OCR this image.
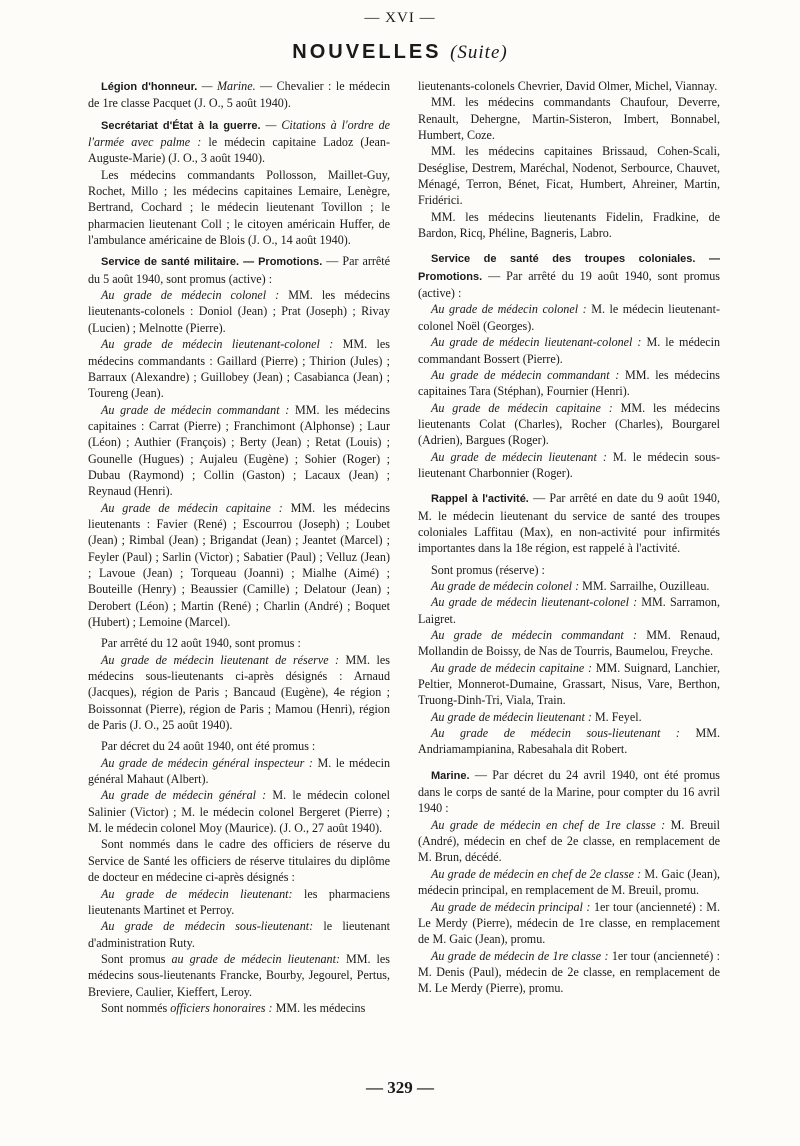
— XVI —
NOUVELLES (Suite)

Légion d'honneur. — Marine. — Chevalier : le médecin de 1re classe Pacquet (J. O., 5 août 1940).

Secrétariat d'État à la guerre. — Citations à l'ordre de l'armée avec palme : le médecin capitaine Ladoz (Jean-Auguste-Marie) (J. O., 3 août 1940).

Les médecins commandants Pollosson, Maillet-Guy, Rochet, Millo ; les médecins capitaines Lemaire, Lenègre, Bertrand, Cochard ; le médecin lieutenant Tovillon ; le pharmacien lieutenant Coll ; le citoyen américain Huffer, de l'ambulance américaine de Blois (J. O., 14 août 1940).

Service de santé militaire. — Promotions. — Par arrêté du 5 août 1940, sont promus (active) :

Au grade de médecin colonel : MM. les médecins lieutenants-colonels : Doniol (Jean) ; Prat (Joseph) ; Rivay (Lucien) ; Melnotte (Pierre).

Au grade de médecin lieutenant-colonel : MM. les médecins commandants : Gaillard (Pierre) ; Thirion (Jules) ; Barraux (Alexandre) ; Guillobey (Jean) ; Casabianca (Jean) ; Toureng (Jean).

Au grade de médecin commandant : MM. les médecins capitaines : Carrat (Pierre) ; Franchimont (Alphonse) ; Laur (Léon) ; Authier (François) ; Berty (Jean) ; Retat (Louis) ; Gounelle (Hugues) ; Aujaleu (Eugène) ; Sohier (Roger) ; Dubau (Raymond) ; Collin (Gaston) ; Lacaux (Jean) ; Reynaud (Henri).

Au grade de médecin capitaine : MM. les médecins lieutenants : Favier (René) ; Escourrou (Joseph) ; Loubet (Jean) ; Rimbal (Jean) ; Brigandat (Jean) ; Jeantet (Marcel) ; Feyler (Paul) ; Sarlin (Victor) ; Sabatier (Paul) ; Velluz (Jean) ; Lavoue (Jean) ; Torqueau (Joanni) ; Mialhe (Aimé) ; Bouteille (Henry) ; Beaussier (Camille) ; Delatour (Jean) ; Derobert (Léon) ; Martin (René) ; Charlin (André) ; Boquet (Hubert) ; Lemoine (Marcel).

Par arrêté du 12 août 1940, sont promus :

Au grade de médecin lieutenant de réserve : MM. les médecins sous-lieutenants ci-après désignés : Arnaud (Jacques), région de Paris ; Bancaud (Eugène), 4e région ; Boissonnat (Pierre), région de Paris ; Mamou (Henri), région de Paris (J. O., 25 août 1940).

Par décret du 24 août 1940, ont été promus :

Au grade de médecin général inspecteur : M. le médecin général Mahaut (Albert).

Au grade de médecin général : M. le médecin colonel Salinier (Victor) ; M. le médecin colonel Bergeret (Pierre) ; M. le médecin colonel Moy (Maurice). (J. O., 27 août 1940).

Sont nommés dans le cadre des officiers de réserve du Service de Santé les officiers de réserve titulaires du diplôme de docteur en médecine ci-après désignés :

Au grade de médecin lieutenant: les pharmaciens lieutenants Martinet et Perroy.

Au grade de médecin sous-lieutenant: le lieutenant d'administration Ruty.

Sont promus au grade de médecin lieutenant: MM. les médecins sous-lieutenants Francke, Bourby, Jegourel, Pertus, Breviere, Caulier, Kieffert, Leroy.

Sont nommés officiers honoraires : MM. les médecins

lieutenants-colonels Chevrier, David Olmer, Michel, Viannay.

MM. les médecins commandants Chaufour, Deverre, Renault, Dehergne, Martin-Sisteron, Imbert, Bonnabel, Humbert, Coze.

MM. les médecins capitaines Brissaud, Cohen-Scali, Deséglise, Destrem, Maréchal, Nodenot, Serbource, Chauvet, Ménagé, Terron, Bénet, Ficat, Humbert, Ahreiner, Martin, Fridérici.

MM. les médecins lieutenants Fidelin, Fradkine, de Bardon, Ricq, Phéline, Bagneris, Labro.

Service de santé des troupes coloniales. — Promotions. — Par arrêté du 19 août 1940, sont promus (active) :

Au grade de médecin colonel : M. le médecin lieutenant-colonel Noël (Georges).

Au grade de médecin lieutenant-colonel : M. le médecin commandant Bossert (Pierre).

Au grade de médecin commandant : MM. les médecins capitaines Tara (Stéphan), Fournier (Henri).

Au grade de médecin capitaine : MM. les médecins lieutenants Colat (Charles), Rocher (Charles), Bourgarel (Adrien), Bargues (Roger).

Au grade de médecin lieutenant : M. le médecin sous-lieutenant Charbonnier (Roger).

Rappel à l'activité. — Par arrêté en date du 9 août 1940, M. le médecin lieutenant du service de santé des troupes coloniales Laffitau (Max), en non-activité pour infirmités importantes dans la 18e région, est rappelé à l'activité.

Sont promus (réserve) :

Au grade de médecin colonel : MM. Sarrailhe, Ouzilleau.

Au grade de médecin lieutenant-colonel : MM. Sarramon, Laigret.

Au grade de médecin commandant : MM. Renaud, Mollandin de Boissy, de Nas de Tourris, Baumelou, Freyche.

Au grade de médecin capitaine : MM. Suignard, Lanchier, Peltier, Monnerot-Dumaine, Grassart, Nisus, Vare, Berthon, Truong-Dinh-Tri, Viala, Train.

Au grade de médecin lieutenant : M. Feyel.

Au grade de médecin sous-lieutenant : MM. Andriamampianina, Rabesahala dit Robert.

Marine. — Par décret du 24 avril 1940, ont été promus dans le corps de santé de la Marine, pour compter du 16 avril 1940 :

Au grade de médecin en chef de 1re classe : M. Breuil (André), médecin en chef de 2e classe, en remplacement de M. Brun, décédé.

Au grade de médecin en chef de 2e classe : M. Gaic (Jean), médecin principal, en remplacement de M. Breuil, promu.

Au grade de médecin principal : 1er tour (ancienneté) : M. Le Merdy (Pierre), médecin de 1re classe, en remplacement de M. Gaic (Jean), promu.

Au grade de médecin de 1re classe : 1er tour (ancienneté) : M. Denis (Paul), médecin de 2e classe, en remplacement de M. Le Merdy (Pierre), promu.

— 329 —
